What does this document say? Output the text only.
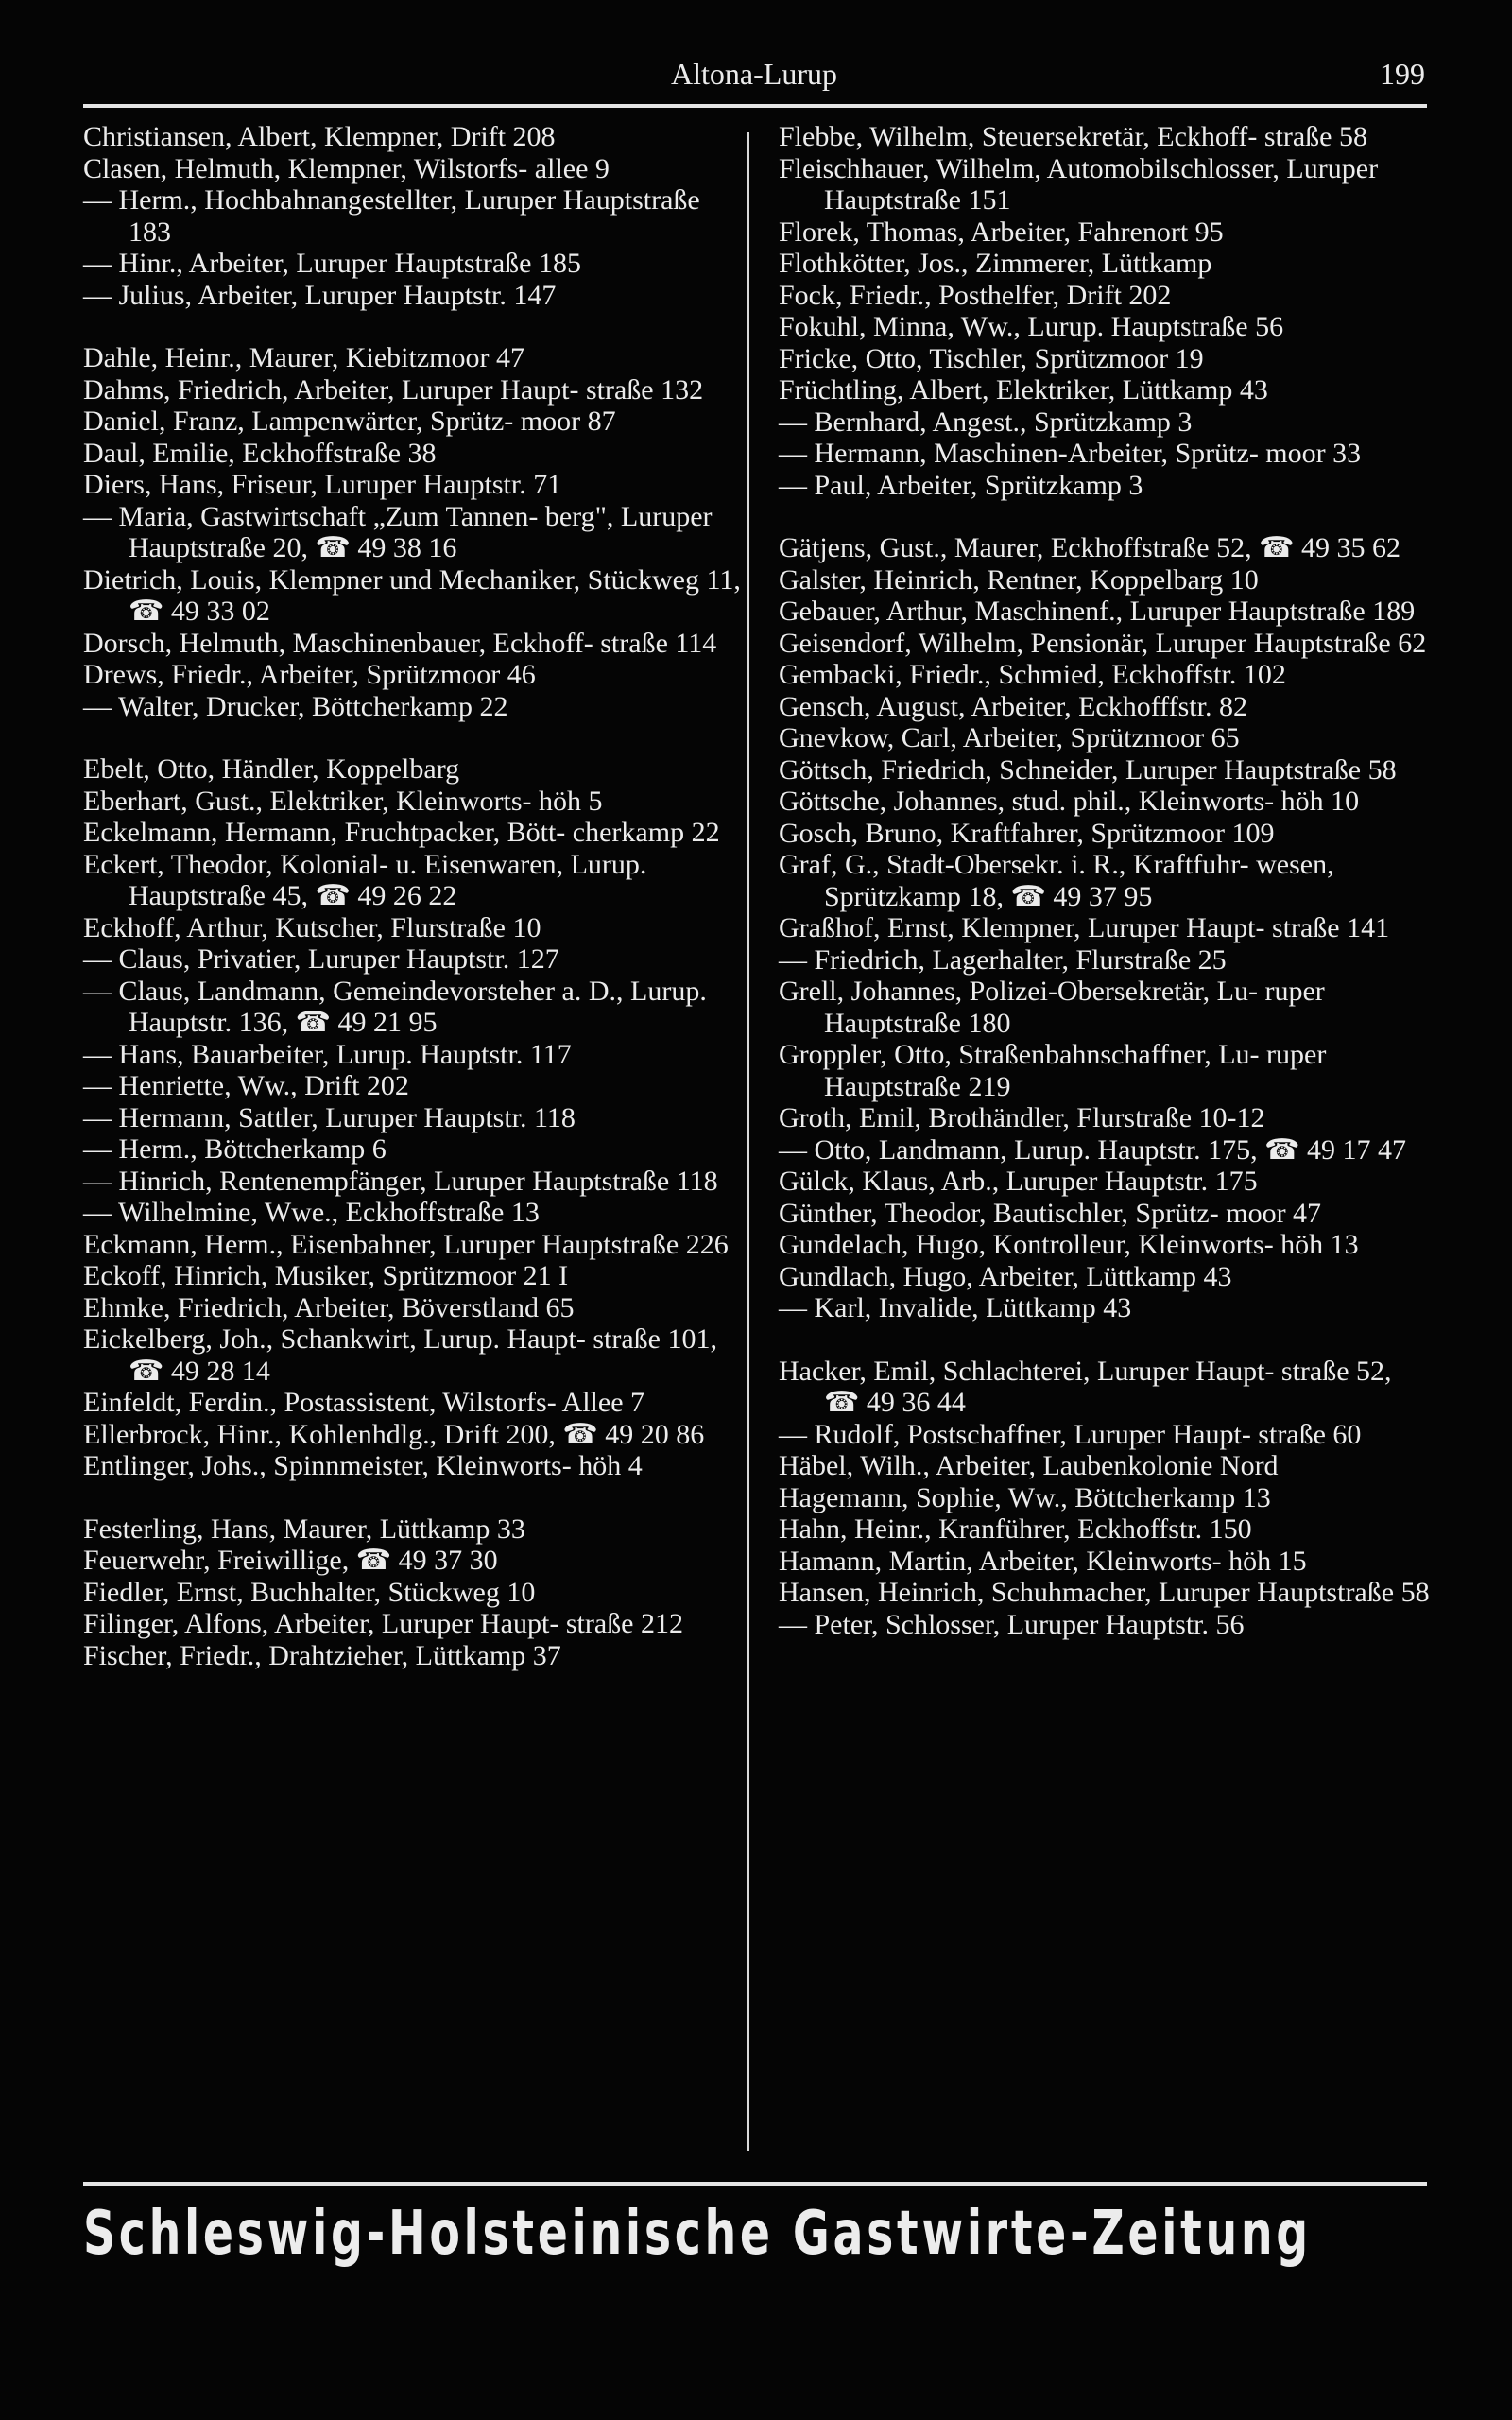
Altona-Lurup	199

Christiansen, Albert, Klempner, Drift 208

Clasen, Helmuth, Klempner, Wilstorfs- allee 9

— Herm., Hochbahnangestellter, Luruper Hauptstraße 183

— Hinr., Arbeiter, Luruper Hauptstraße 185

— Julius, Arbeiter, Luruper Hauptstr. 147

Dahle, Heinr., Maurer, Kiebitzmoor 47

Dahms, Friedrich, Arbeiter, Luruper Haupt- straße 132

Daniel, Franz, Lampenwärter, Sprütz- moor 87

Daul, Emilie, Eckhoffstraße 38

Diers, Hans, Friseur, Luruper Hauptstr. 71

— Maria, Gastwirtschaft „Zum Tannen- berg", Luruper Hauptstraße 20, ☎ 49 38 16

Dietrich, Louis, Klempner und Mechaniker, Stückweg 11, ☎ 49 33 02

Dorsch, Helmuth, Maschinenbauer, Eckhoff- straße 114

Drews, Friedr., Arbeiter, Sprützmoor 46

— Walter, Drucker, Böttcherkamp 22

Ebelt, Otto, Händler, Koppelbarg

Eberhart, Gust., Elektriker, Kleinworts- höh 5

Eckelmann, Hermann, Fruchtpacker, Bött- cherkamp 22

Eckert, Theodor, Kolonial- u. Eisenwaren, Lurup. Hauptstraße 45, ☎ 49 26 22

Eckhoff, Arthur, Kutscher, Flurstraße 10

— Claus, Privatier, Luruper Hauptstr. 127

— Claus, Landmann, Gemeindevorsteher a. D., Lurup. Hauptstr. 136, ☎ 49 21 95

— Hans, Bauarbeiter, Lurup. Hauptstr. 117

— Henriette, Ww., Drift 202

— Hermann, Sattler, Luruper Hauptstr. 118

— Herm., Böttcherkamp 6

— Hinrich, Rentenempfänger, Luruper Hauptstraße 118

— Wilhelmine, Wwe., Eckhoffstraße 13

Eckmann, Herm., Eisenbahner, Luruper Hauptstraße 226

Eckoff, Hinrich, Musiker, Sprützmoor 21 I

Ehmke, Friedrich, Arbeiter, Böverstland 65

Eickelberg, Joh., Schankwirt, Lurup. Haupt- straße 101, ☎ 49 28 14

Einfeldt, Ferdin., Postassistent, Wilstorfs- Allee 7

Ellerbrock, Hinr., Kohlenhdlg., Drift 200, ☎ 49 20 86

Entlinger, Johs., Spinnmeister, Kleinworts- höh 4

Festerling, Hans, Maurer, Lüttkamp 33

Feuerwehr, Freiwillige, ☎ 49 37 30

Fiedler, Ernst, Buchhalter, Stückweg 10

Filinger, Alfons, Arbeiter, Luruper Haupt- straße 212

Fischer, Friedr., Drahtzieher, Lüttkamp 37

Flebbe, Wilhelm, Steuersekretär, Eckhoff- straße 58

Fleischhauer, Wilhelm, Automobilschlosser, Luruper Hauptstraße 151

Florek, Thomas, Arbeiter, Fahrenort 95

Flothkötter, Jos., Zimmerer, Lüttkamp

Fock, Friedr., Posthelfer, Drift 202

Fokuhl, Minna, Ww., Lurup. Hauptstraße 56

Fricke, Otto, Tischler, Sprützmoor 19

Früchtling, Albert, Elektriker, Lüttkamp 43

— Bernhard, Angest., Sprützkamp 3

— Hermann, Maschinen-Arbeiter, Sprütz- moor 33

— Paul, Arbeiter, Sprützkamp 3

Gätjens, Gust., Maurer, Eckhoffstraße 52, ☎ 49 35 62

Galster, Heinrich, Rentner, Koppelbarg 10

Gebauer, Arthur, Maschinenf., Luruper Hauptstraße 189

Geisendorf, Wilhelm, Pensionär, Luruper Hauptstraße 62

Gembacki, Friedr., Schmied, Eckhoffstr. 102

Gensch, August, Arbeiter, Eckhofffstr. 82

Gnevkow, Carl, Arbeiter, Sprützmoor 65

Göttsch, Friedrich, Schneider, Luruper Hauptstraße 58

Göttsche, Johannes, stud. phil., Kleinworts- höh 10

Gosch, Bruno, Kraftfahrer, Sprützmoor 109

Graf, G., Stadt-Obersekr. i. R., Kraftfuhr- wesen, Sprützkamp 18, ☎ 49 37 95

Graßhof, Ernst, Klempner, Luruper Haupt- straße 141

— Friedrich, Lagerhalter, Flurstraße 25

Grell, Johannes, Polizei-Obersekretär, Lu- ruper Hauptstraße 180

Groppler, Otto, Straßenbahnschaffner, Lu- ruper Hauptstraße 219

Groth, Emil, Brothändler, Flurstraße 10-12

— Otto, Landmann, Lurup. Hauptstr. 175, ☎ 49 17 47

Gülck, Klaus, Arb., Luruper Hauptstr. 175

Günther, Theodor, Bautischler, Sprütz- moor 47

Gundelach, Hugo, Kontrolleur, Kleinworts- höh 13

Gundlach, Hugo, Arbeiter, Lüttkamp 43

— Karl, Invalide, Lüttkamp 43

Hacker, Emil, Schlachterei, Luruper Haupt- straße 52, ☎ 49 36 44

— Rudolf, Postschaffner, Luruper Haupt- straße 60

Häbel, Wilh., Arbeiter, Laubenkolonie Nord

Hagemann, Sophie, Ww., Böttcherkamp 13

Hahn, Heinr., Kranführer, Eckhoffstr. 150

Hamann, Martin, Arbeiter, Kleinworts- höh 15

Hansen, Heinrich, Schuhmacher, Luruper Hauptstraße 58

— Peter, Schlosser, Luruper Hauptstr. 56

Schleswig-Holsteinische Gastwirte-Zeitung
